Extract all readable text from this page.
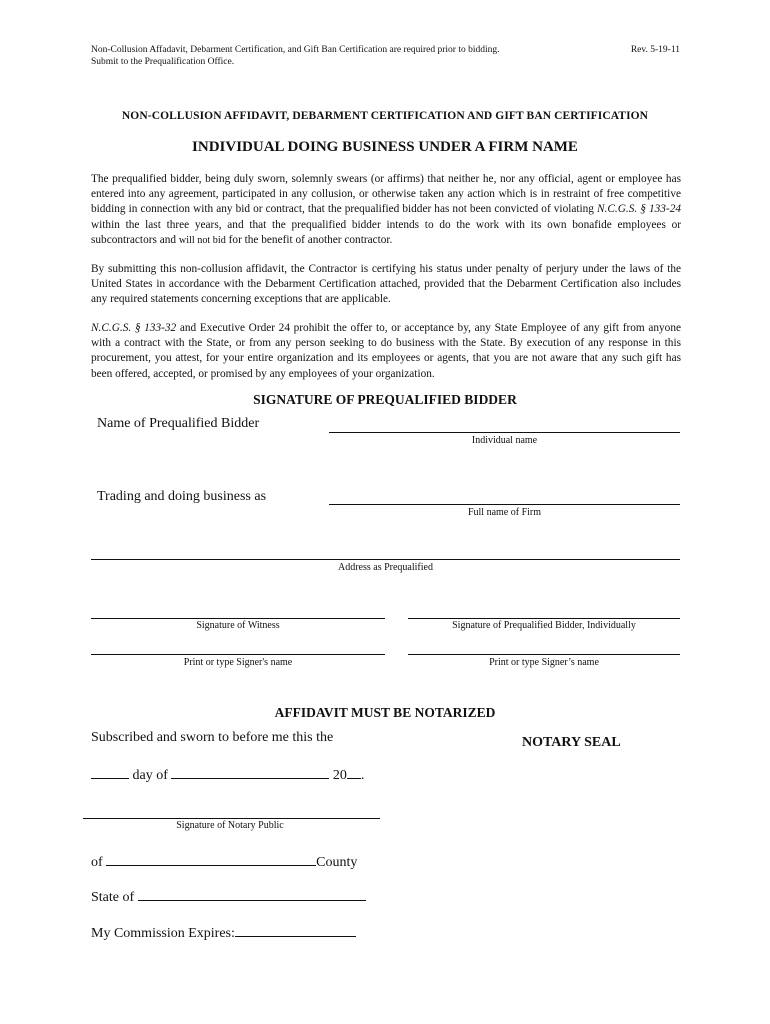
Non-Collusion Affadavit, Debarment Certification, and Gift Ban Certification are required prior to bidding.
Submit to the Prequalification Office.
Rev. 5-19-11
NON-COLLUSION AFFIDAVIT, DEBARMENT CERTIFICATION AND GIFT BAN CERTIFICATION
INDIVIDUAL DOING BUSINESS UNDER A FIRM NAME
The prequalified bidder, being duly sworn, solemnly swears (or affirms) that neither he, nor any official, agent or employee has entered into any agreement, participated in any collusion, or otherwise taken any action which is in restraint of free competitive bidding in connection with any bid or contract, that the prequalified bidder has not been convicted of violating N.C.G.S. § 133-24 within the last three years, and that the prequalified bidder intends to do the work with its own bonafide employees or subcontractors and will not bid for the benefit of another contractor.
By submitting this non-collusion affidavit, the Contractor is certifying his status under penalty of perjury under the laws of the United States in accordance with the Debarment Certification attached, provided that the Debarment Certification also includes any required statements concerning exceptions that are applicable.
N.C.G.S. § 133-32 and Executive Order 24 prohibit the offer to, or acceptance by, any State Employee of any gift from anyone with a contract with the State, or from any person seeking to do business with the State. By execution of any response in this procurement, you attest, for your entire organization and its employees or agents, that you are not aware that any such gift has been offered, accepted, or promised by any employees of your organization.
SIGNATURE OF PREQUALIFIED BIDDER
Name of Prequalified Bidder
Individual name
Trading and doing business as
Full name of Firm
Address as Prequalified
Signature of Witness	Signature of Prequalified Bidder, Individually
Print or type Signer's name	Print or type Signer’s name
AFFIDAVIT MUST BE NOTARIZED
Subscribed and sworn to before me this the	NOTARY SEAL
day of	20 .
Signature of Notary Public
of	County
State of
My Commission Expires:
